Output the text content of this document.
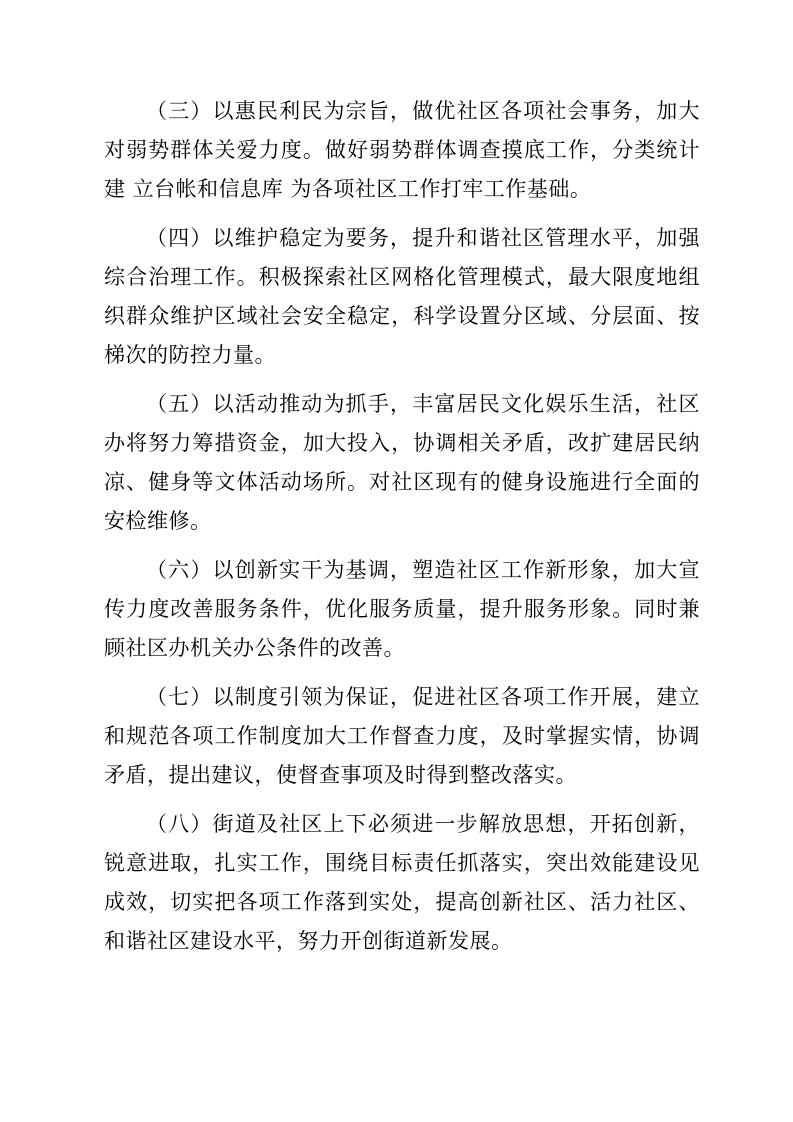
（三）以惠民利民为宗旨，做优社区各项社会事务，加大对弱势群体关爱力度。做好弱势群体调查摸底工作，分类统计 建 立台帐和信息库 为各项社区工作打牢工作基础。

（四）以维护稳定为要务，提升和谐社区管理水平，加强综合治理工作。积极探索社区网格化管理模式，最大限度地组织群众维护区域社会安全稳定，科学设置分区域、分层面、按梯次的防控力量。

（五）以活动推动为抓手，丰富居民文化娱乐生活，社区办将努力筹措资金，加大投入，协调相关矛盾，改扩建居民纳凉、健身等文体活动场所。对社区现有的健身设施进行全面的安检维修。

（六）以创新实干为基调，塑造社区工作新形象，加大宣传力度改善服务条件，优化服务质量，提升服务形象。同时兼顾社区办机关办公条件的改善。

（七）以制度引领为保证，促进社区各项工作开展，建立和规范各项工作制度加大工作督查力度，及时掌握实情，协调矛盾，提出建议，使督查事项及时得到整改落实。

（八）街道及社区上下必须进一步解放思想，开拓创新，锐意进取，扎实工作，围绕目标责任抓落实，突出效能建设见成效，切实把各项工作落到实处，提高创新社区、活力社区、和谐社区建设水平，努力开创街道新发展。
